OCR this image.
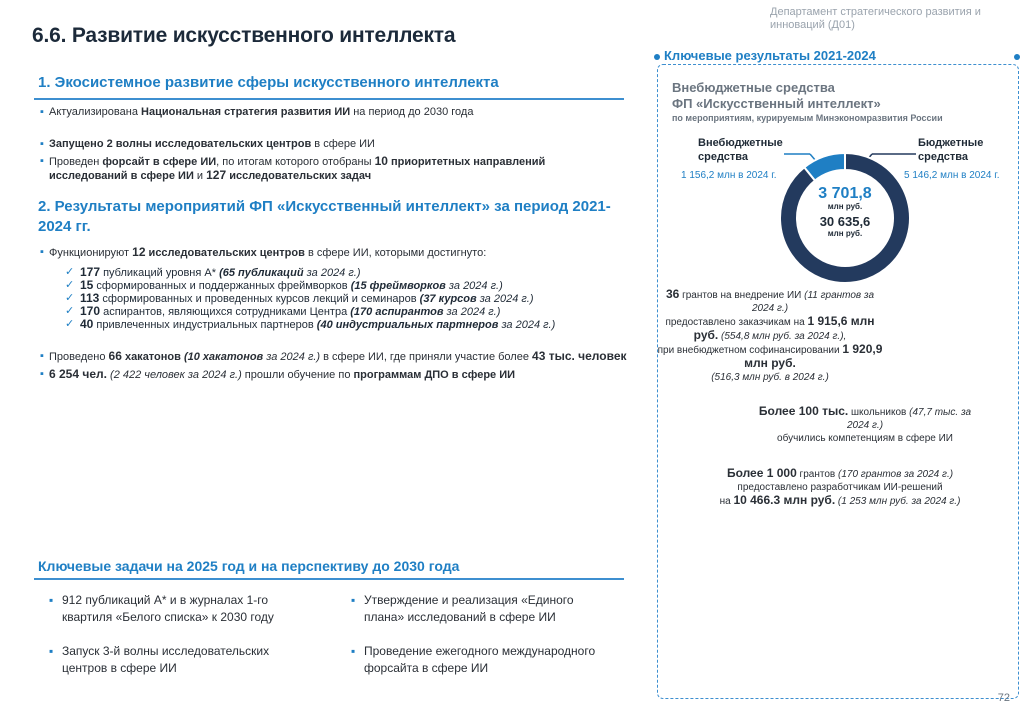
Департамент стратегического развития и инноваций (Д01)
6.6. Развитие искусственного интеллекта
1. Экосистемное развитие сферы искусственного интеллекта
▪ Актуализирована Национальная стратегия развития ИИ на период до 2030 года
▪ Запущено 2 волны исследовательских центров в сфере ИИ
▪ Проведен форсайт в сфере ИИ, по итогам которого отобраны 10 приоритетных направлений
исследований в сфере ИИ и 127 исследовательских задач
2. Результаты мероприятий ФП «Искусственный интеллект» за период 2021-2024 гг.
▪ Функционируют 12 исследовательских центров в сфере ИИ, которыми достигнуто:
✓ 177 публикаций уровня А* (65 публикаций за 2024 г.)
✓ 15 сформированных и поддержанных фреймворков (15 фреймворков за 2024 г.)
✓ 113 сформированных и проведенных курсов лекций и семинаров (37 курсов за 2024 г.)
✓ 170 аспирантов, являющихся сотрудниками Центра (170 аспирантов за 2024 г.)
✓ 40 привлеченных индустриальных партнеров (40 индустриальных партнеров за 2024 г.)
▪ Проведено 66 хакатонов (10 хакатонов за 2024 г.) в сфере ИИ, где приняли участие более 43 тыс. человек
▪ 6 254 чел. (2 422 человек за 2024 г.) прошли обучение по программам ДПО в сфере ИИ
Ключевые задачи на 2025 год и на перспективу до 2030 года
▪ 912 публикаций А* и в журналах 1-го квартиля «Белого списка» к 2030 году
▪ Запуск 3-й волны исследовательских центров в сфере ИИ
▪ Утверждение и реализация «Единого плана» исследований в сфере ИИ
▪ Проведение ежегодного международного форсайта в сфере ИИ
Ключевые результаты 2021-2024
Внебюджетные средства
ФП «Искусственный интеллект»
по мероприятиям, курируемым Минэкономразвития России
Внебюджетные средства
1 156,2 млн в 2024 г.
Бюджетные средства
5 146,2 млн в 2024 г.
3 701,8
млн руб.
30 635,6
млн руб.
36 грантов на внедрение ИИ (11 грантов за 2024 г.)
предоставлено заказчикам на 1 915,6 млн руб. (554,8 млн руб. за 2024 г.),
при внебюджетном софинансировании 1 920,9 млн руб.
(516,3 млн руб. в 2024 г.)
Более 100 тыс. школьников (47,7 тыс. за 2024 г.)
обучились компетенциям в сфере ИИ
Более 1 000 грантов (170 грантов за 2024 г.)
предоставлено разработчикам ИИ-решений
на 10 466.3 млн руб. (1 253 млн руб. за 2024 г.)
72
